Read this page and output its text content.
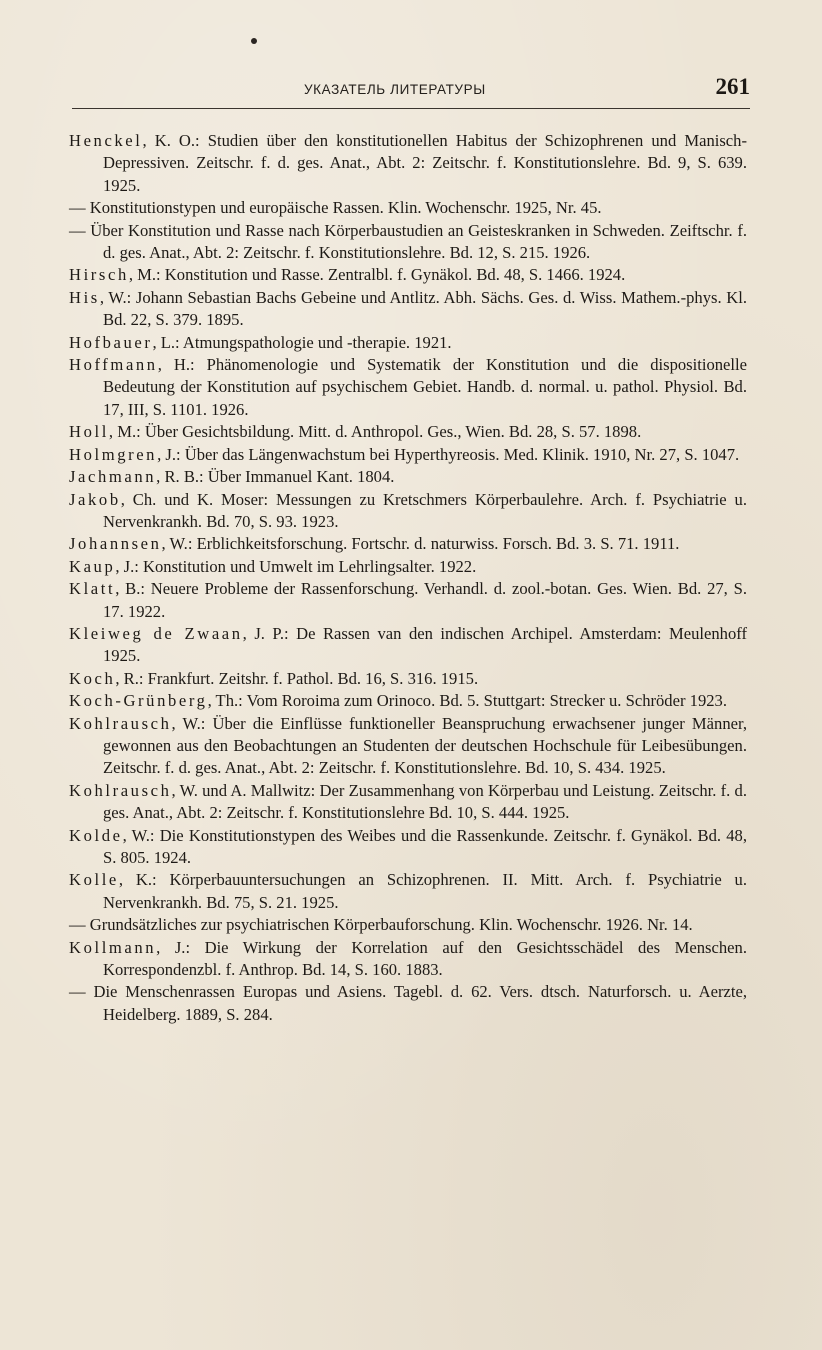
УКАЗАТЕЛЬ ЛИТЕРАТУРЫ	261

Henckel, K. O.: Studien über den konstitutionellen Habitus der Schizophrenen und Manisch-Depressiven. Zeitschr. f. d. ges. Anat., Abt. 2: Zeitschr. f. Konstitutionslehre. Bd. 9, S. 639. 1925.

— Konstitutionstypen und europäische Rassen. Klin. Wochenschr. 1925, Nr. 45.

— Über Konstitution und Rasse nach Körperbaustudien an Geisteskranken in Schweden. Zeiftschr. f. d. ges. Anat., Abt. 2: Zeitschr. f. Konstitutionslehre. Bd. 12, S. 215. 1926.

Hirsch, M.: Konstitution und Rasse. Zentralbl. f. Gynäkol. Bd. 48, S. 1466. 1924.

His, W.: Johann Sebastian Bachs Gebeine und Antlitz. Abh. Sächs. Ges. d. Wiss. Mathem.-phys. Kl. Bd. 22, S. 379. 1895.

Hofbauer, L.: Atmungspathologie und -therapie. 1921.

Hoffmann, H.: Phänomenologie und Systematik der Konstitution und die dispositionelle Bedeutung der Konstitution auf psychischem Gebiet. Handb. d. normal. u. pathol. Physiol. Bd. 17, III, S. 1101. 1926.

Holl, M.: Über Gesichtsbildung. Mitt. d. Anthropol. Ges., Wien. Bd. 28, S. 57. 1898.

Holmgren, J.: Über das Längenwachstum bei Hyperthyreosis. Med. Klinik. 1910, Nr. 27, S. 1047.

Jachmann, R. B.: Über Immanuel Kant. 1804.

Jakob, Ch. und K. Moser: Messungen zu Kretschmers Körperbaulehre. Arch. f. Psychiatrie u. Nervenkrankh. Bd. 70, S. 93. 1923.

Johannsen, W.: Erblichkeitsforschung. Fortschr. d. naturwiss. Forsch. Bd. 3. S. 71. 1911.

Kaup, J.: Konstitution und Umwelt im Lehrlingsalter. 1922.

Klatt, B.: Neuere Probleme der Rassenforschung. Verhandl. d. zool.-botan. Ges. Wien. Bd. 27, S. 17. 1922.

Kleiweg de Zwaan, J. P.: De Rassen van den indischen Archipel. Amsterdam: Meulenhoff 1925.

Koch, R.: Frankfurt. Zeitshr. f. Pathol. Bd. 16, S. 316. 1915.

Koch-Grünberg, Th.: Vom Roroima zum Orinoco. Bd. 5. Stuttgart: Strecker u. Schröder 1923.

Kohlrausch, W.: Über die Einflüsse funktioneller Beanspruchung erwachsener junger Männer, gewonnen aus den Beobachtungen an Studenten der deutschen Hochschule für Leibesübungen. Zeitschr. f. d. ges. Anat., Abt. 2: Zeitschr. f. Konstitutionslehre. Bd. 10, S. 434. 1925.

Kohlrausch, W. und A. Mallwitz: Der Zusammenhang von Körperbau und Leistung. Zeitschr. f. d. ges. Anat., Abt. 2: Zeitschr. f. Konstitutionslehre Bd. 10, S. 444. 1925.

Kolde, W.: Die Konstitutionstypen des Weibes und die Rassenkunde. Zeitschr. f. Gynäkol. Bd. 48, S. 805. 1924.

Kolle, K.: Körperbauuntersuchungen an Schizophrenen. II. Mitt. Arch. f. Psychiatrie u. Nervenkrankh. Bd. 75, S. 21. 1925.

— Grundsätzliches zur psychiatrischen Körperbauforschung. Klin. Wochenschr. 1926. Nr. 14.

Kollmann, J.: Die Wirkung der Korrelation auf den Gesichtsschädel des Menschen. Korrespondenzbl. f. Anthrop. Bd. 14, S. 160. 1883.

— Die Menschenrassen Europas und Asiens. Tagebl. d. 62. Vers. dtsch. Naturforsch. u. Aerzte, Heidelberg. 1889, S. 284.
